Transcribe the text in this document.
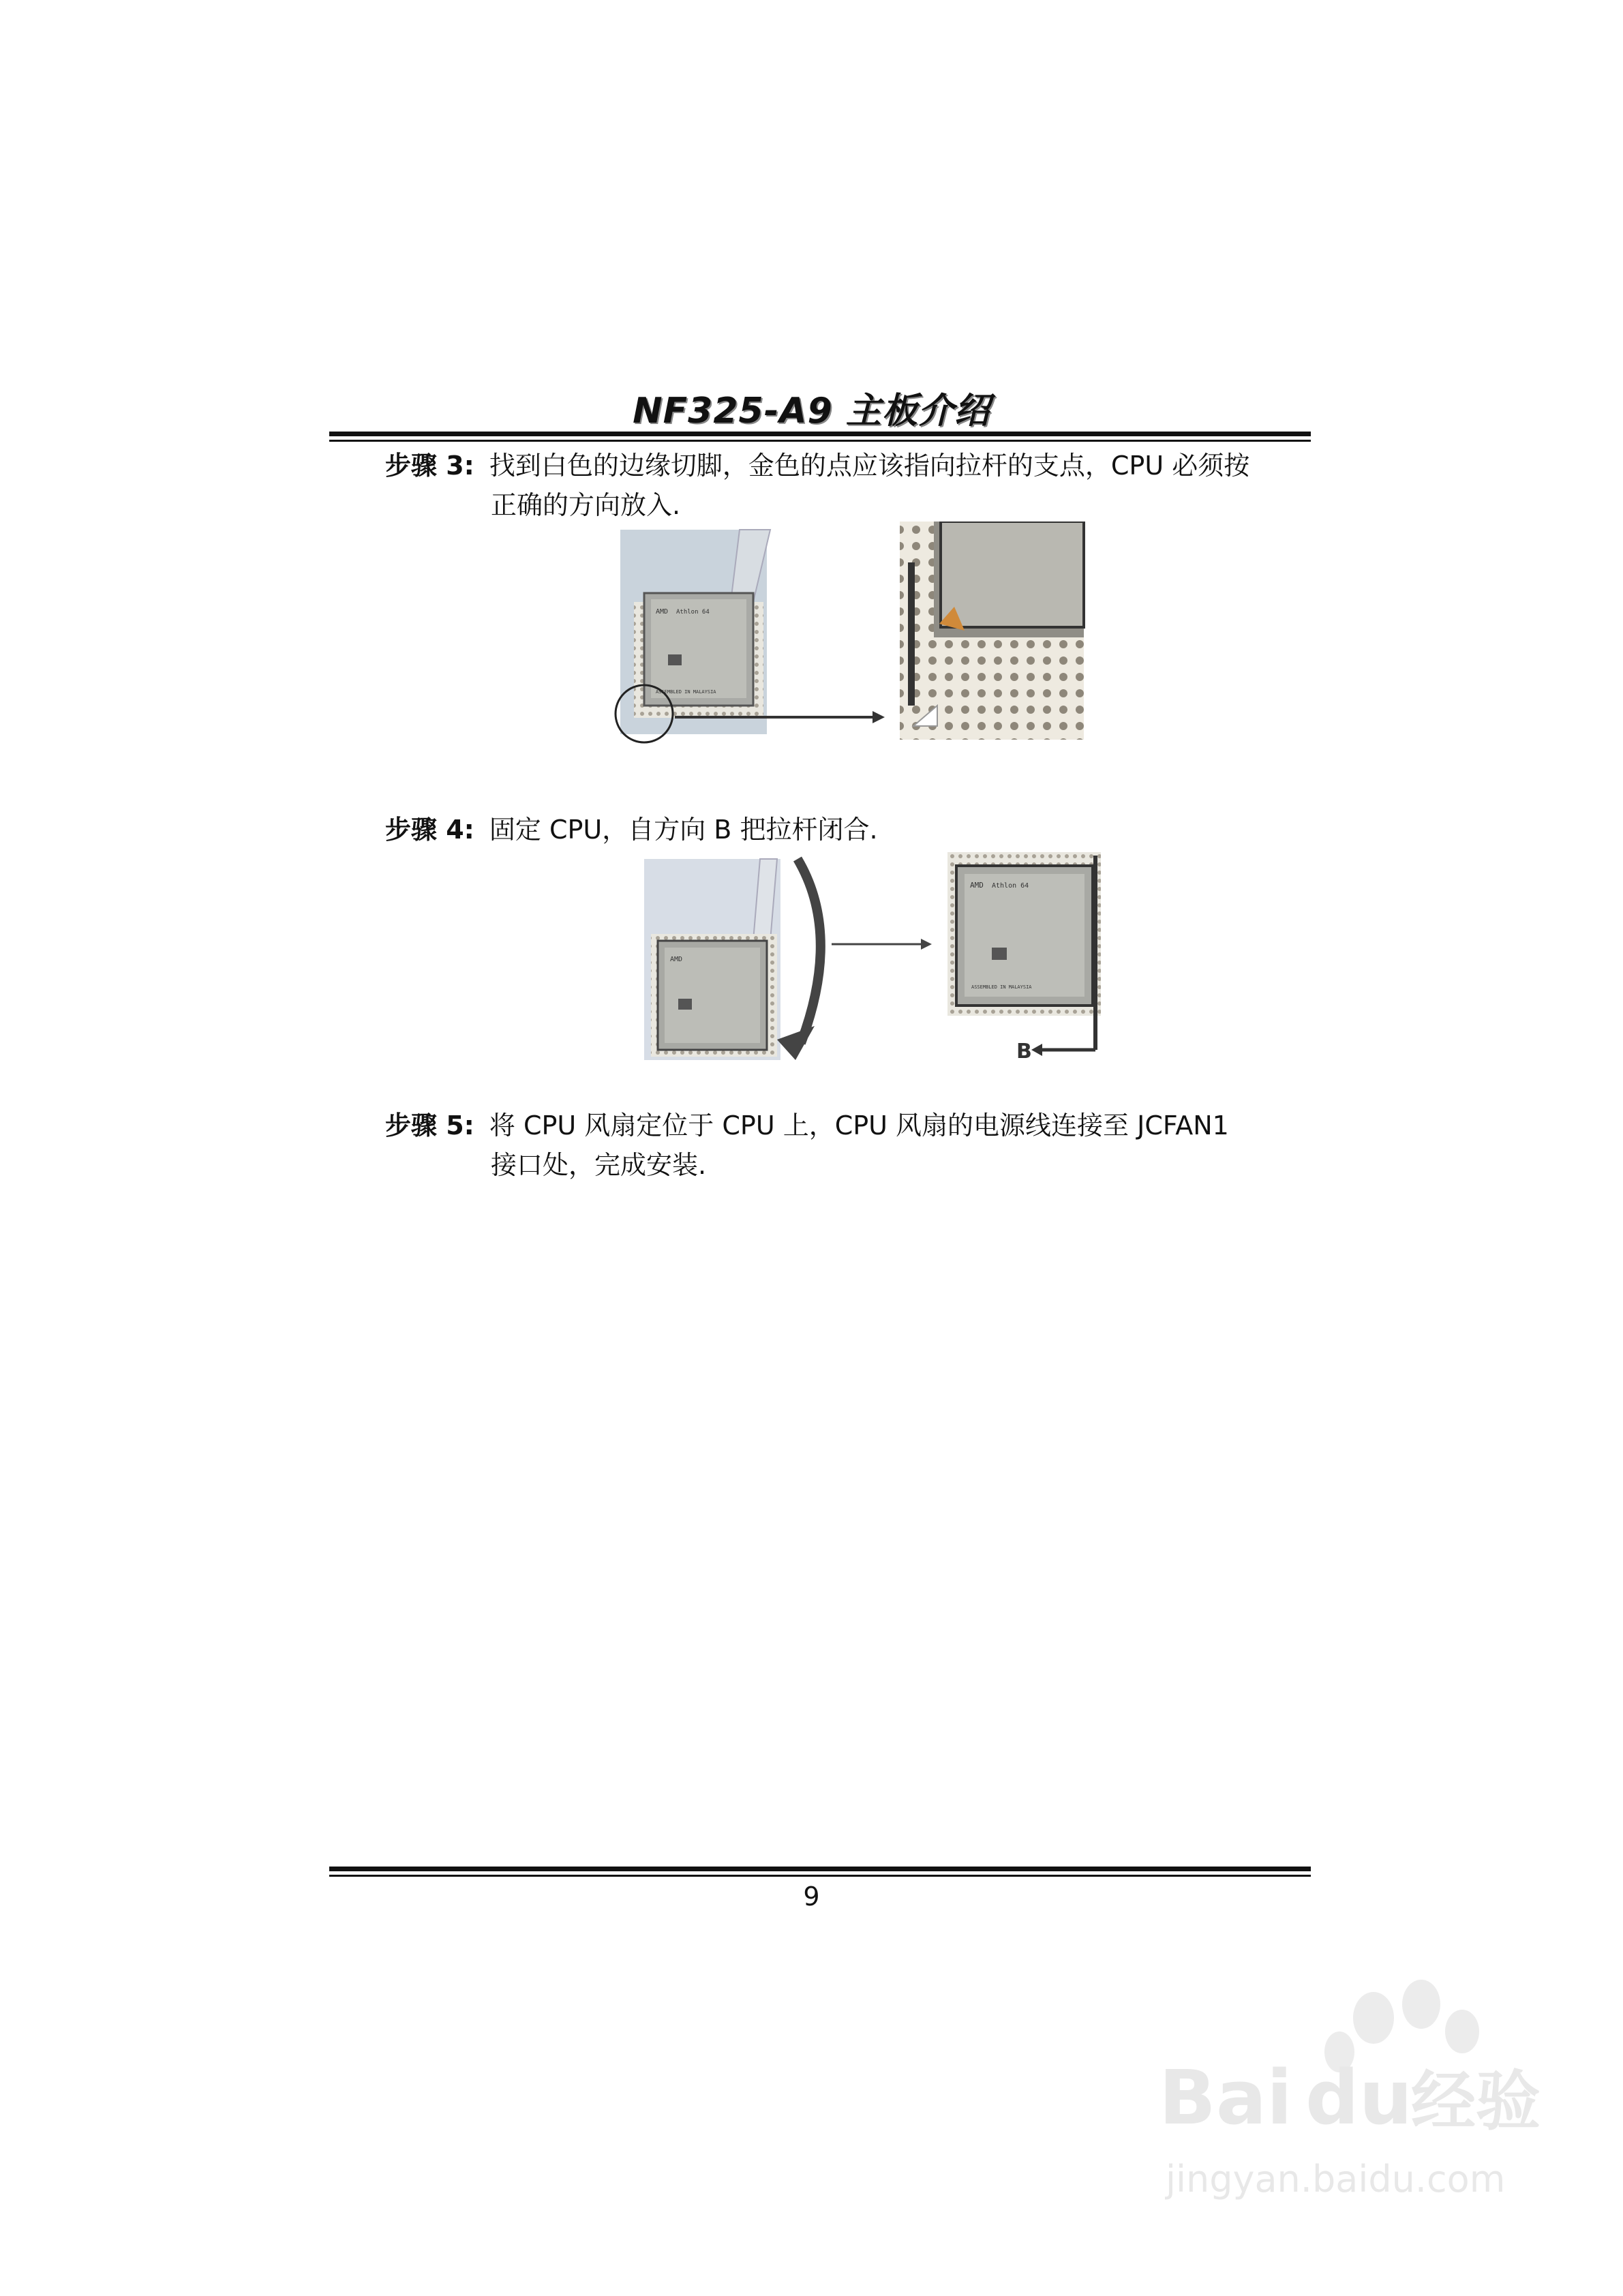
NF325-A9 主板介绍
步骤 3: 找到白色的边缘切脚，金色的点应该指向拉杆的支点，CPU 必须按
正确的方向放入.
AMD Athlon 64
ASSEMBLED IN MALAYSIA
步骤 4: 固定 CPU，自方向 B 把拉杆闭合.
AMD
AMD Athlon 64
ASSEMBLED IN MALAYSIA
B
步骤 5: 将 CPU 风扇定位于 CPU 上，CPU 风扇的电源线连接至 JCFAN1
接口处，完成安装.
9
Bai du
经验
jingyan.baidu.com
